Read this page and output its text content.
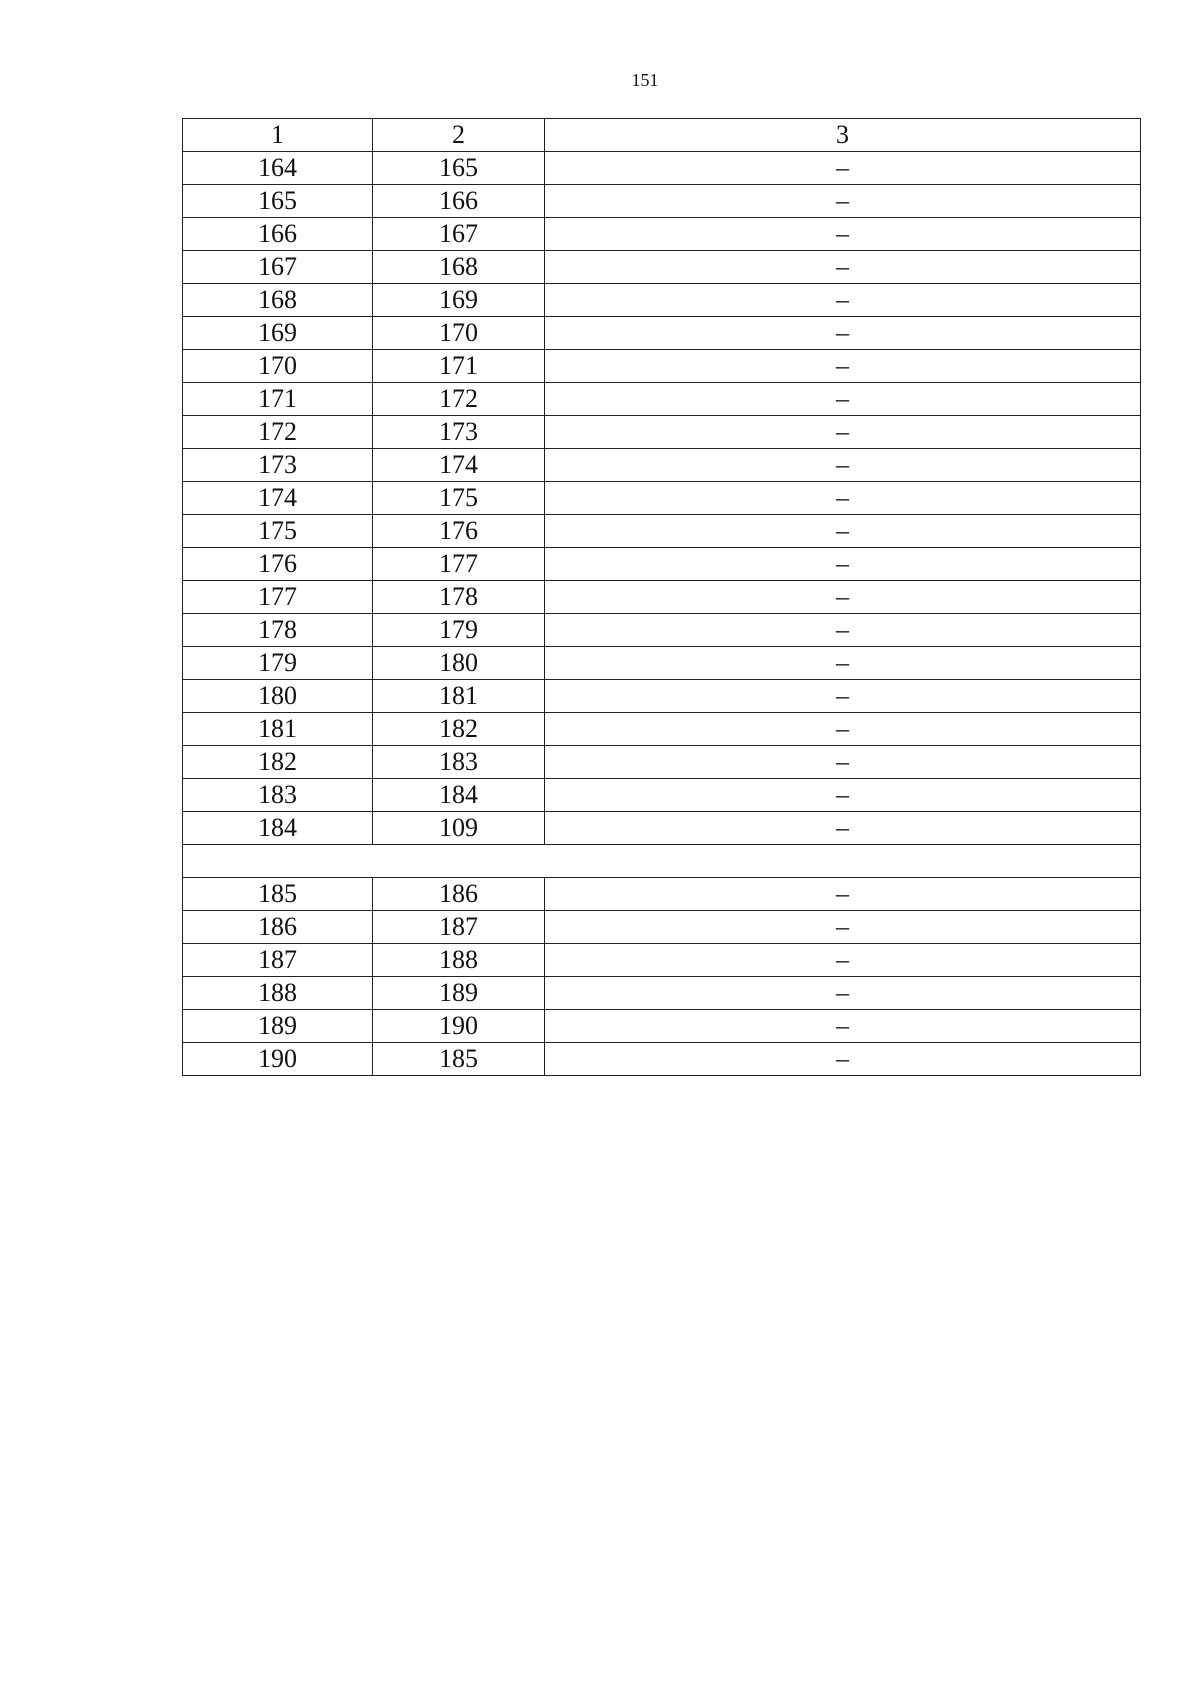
151
1	2	3
164	165	–
165	166	–
166	167	–
167	168	–
168	169	–
169	170	–
170	171	–
171	172	–
172	173	–
173	174	–
174	175	–
175	176	–
176	177	–
177	178	–
178	179	–
179	180	–
180	181	–
181	182	–
182	183	–
183	184	–
184	109	–

185	186	–
186	187	–
187	188	–
188	189	–
189	190	–
190	185	–
